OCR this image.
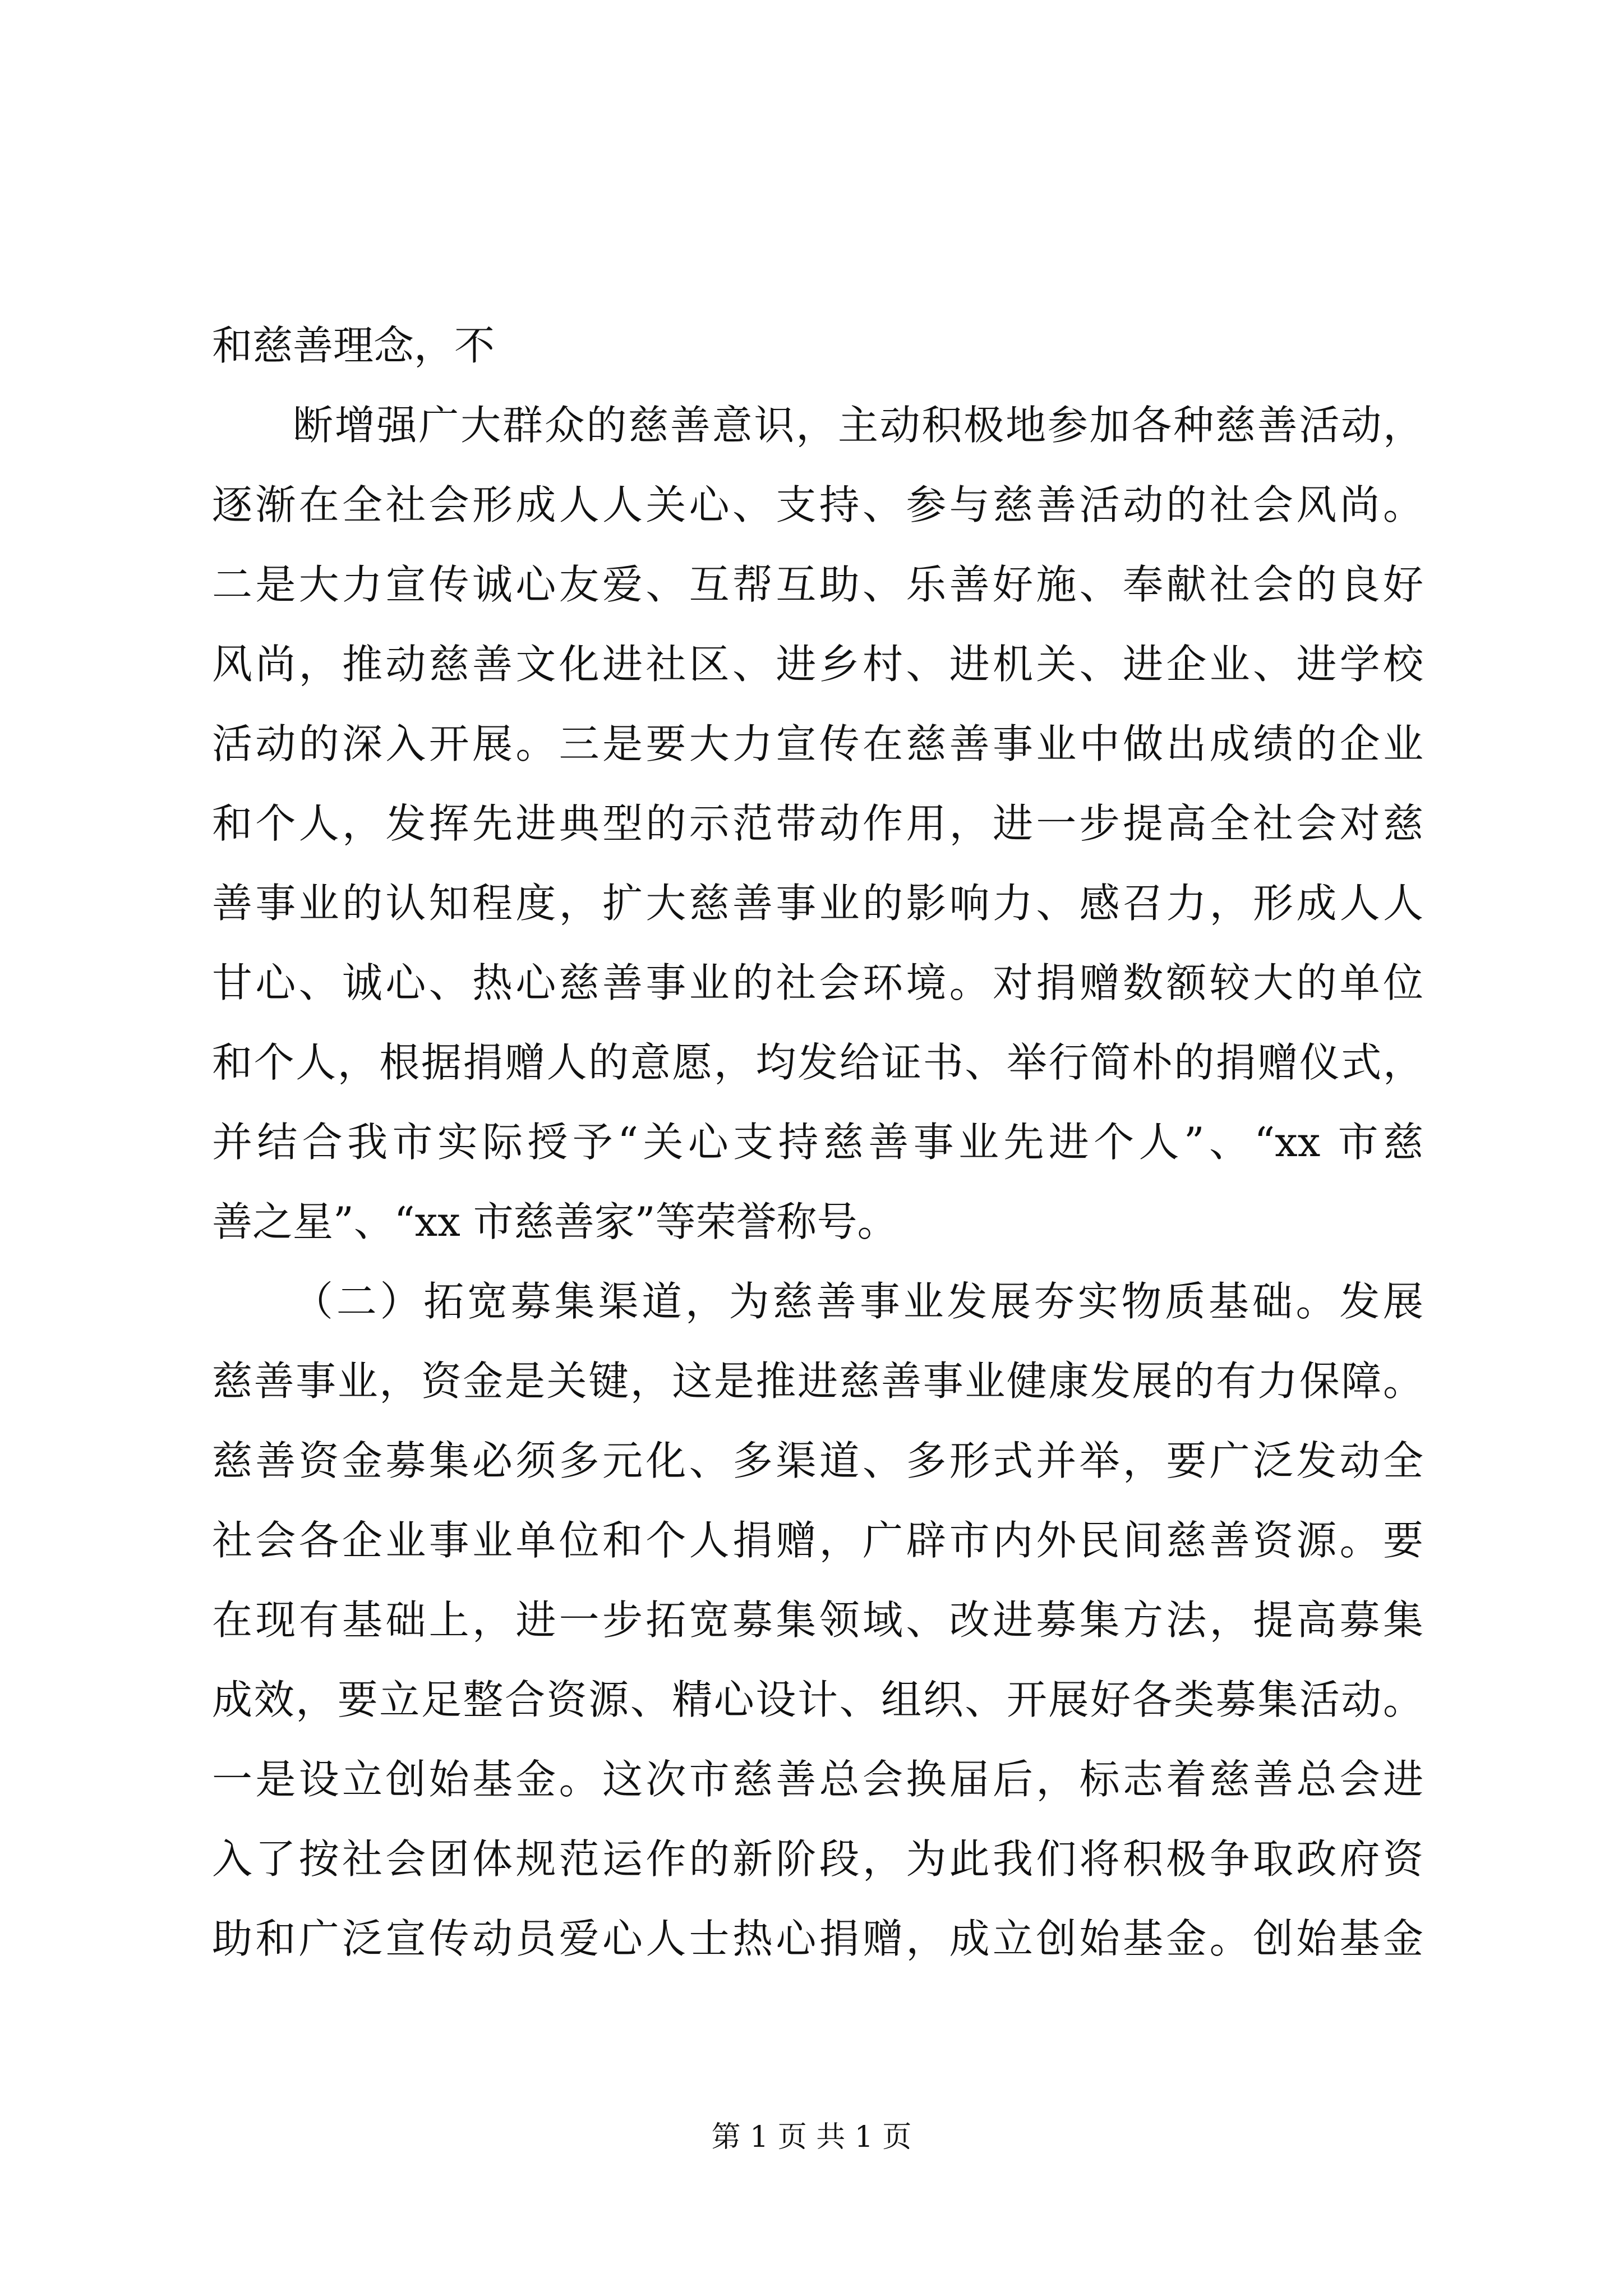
和慈善理念，不
断增强广大群众的慈善意识，主动积极地参加各种慈善活动，
逐渐在全社会形成人人关心、支持、参与慈善活动的社会风尚。
二是大力宣传诚心友爱、互帮互助、乐善好施、奉献社会的良好
风尚，推动慈善文化进社区、进乡村、进机关、进企业、进学校
活动的深入开展。三是要大力宣传在慈善事业中做出成绩的企业
和个人，发挥先进典型的示范带动作用，进一步提高全社会对慈
善事业的认知程度，扩大慈善事业的影响力、感召力，形成人人
甘心、诚心、热心慈善事业的社会环境。对捐赠数额较大的单位
和个人，根据捐赠人的意愿，均发给证书、举行简朴的捐赠仪式，
并结合我市实际授予“关心支持慈善事业先进个人”、“xx 市慈
善之星”、“xx 市慈善家”等荣誉称号。
（二）拓宽募集渠道，为慈善事业发展夯实物质基础。发展
慈善事业，资金是关键，这是推进慈善事业健康发展的有力保障。
慈善资金募集必须多元化、多渠道、多形式并举，要广泛发动全
社会各企业事业单位和个人捐赠，广辟市内外民间慈善资源。要
在现有基础上，进一步拓宽募集领域、改进募集方法，提高募集
成效，要立足整合资源、精心设计、组织、开展好各类募集活动。
一是设立创始基金。这次市慈善总会换届后，标志着慈善总会进
入了按社会团体规范运作的新阶段，为此我们将积极争取政府资
助和广泛宣传动员爱心人士热心捐赠，成立创始基金。创始基金
第 1 页 共 1 页
